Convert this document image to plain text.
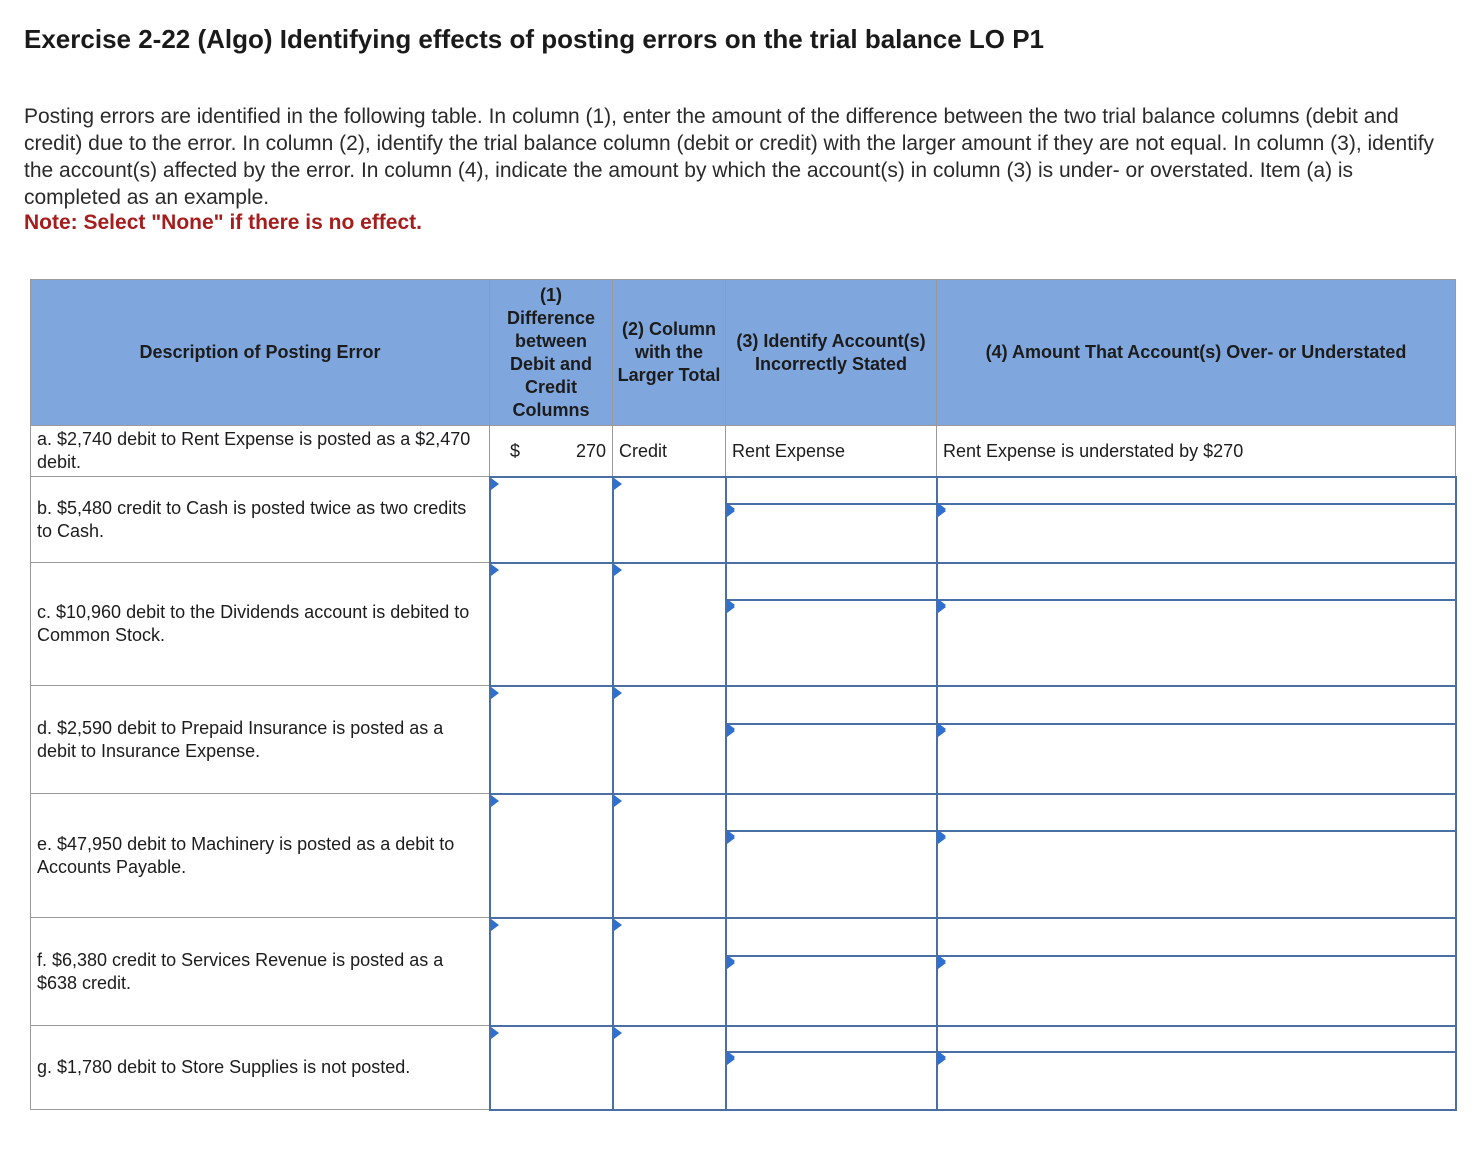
Exercise 2-22 (Algo) Identifying effects of posting errors on the trial balance LO P1
Posting errors are identified in the following table. In column (1), enter the amount of the difference between the two trial balance columns (debit and credit) due to the error. In column (2), identify the trial balance column (debit or credit) with the larger amount if they are not equal. In column (3), identify the account(s) affected by the error. In column (4), indicate the amount by which the account(s) in column (3) is under- or overstated. Item (a) is completed as an example.
Note: Select "None" if there is no effect.
Description of Posting Error	(1) Difference between Debit and Credit Columns	(2) Column with the Larger Total	(3) Identify Account(s) Incorrectly Stated	(4) Amount That Account(s) Over- or Understated
a. $2,740 debit to Rent Expense is posted as a $2,470 debit.	$ 270	Credit	Rent Expense	Rent Expense is understated by $270
b. $5,480 credit to Cash is posted twice as two credits to Cash.	

c. $10,960 debit to the Dividends account is debited to Common Stock.	

d. $2,590 debit to Prepaid Insurance is posted as a debit to Insurance Expense.	

e. $47,950 debit to Machinery is posted as a debit to Accounts Payable.	

f. $6,380 credit to Services Revenue is posted as a $638 credit.	

g. $1,780 debit to Store Supplies is not posted.	
